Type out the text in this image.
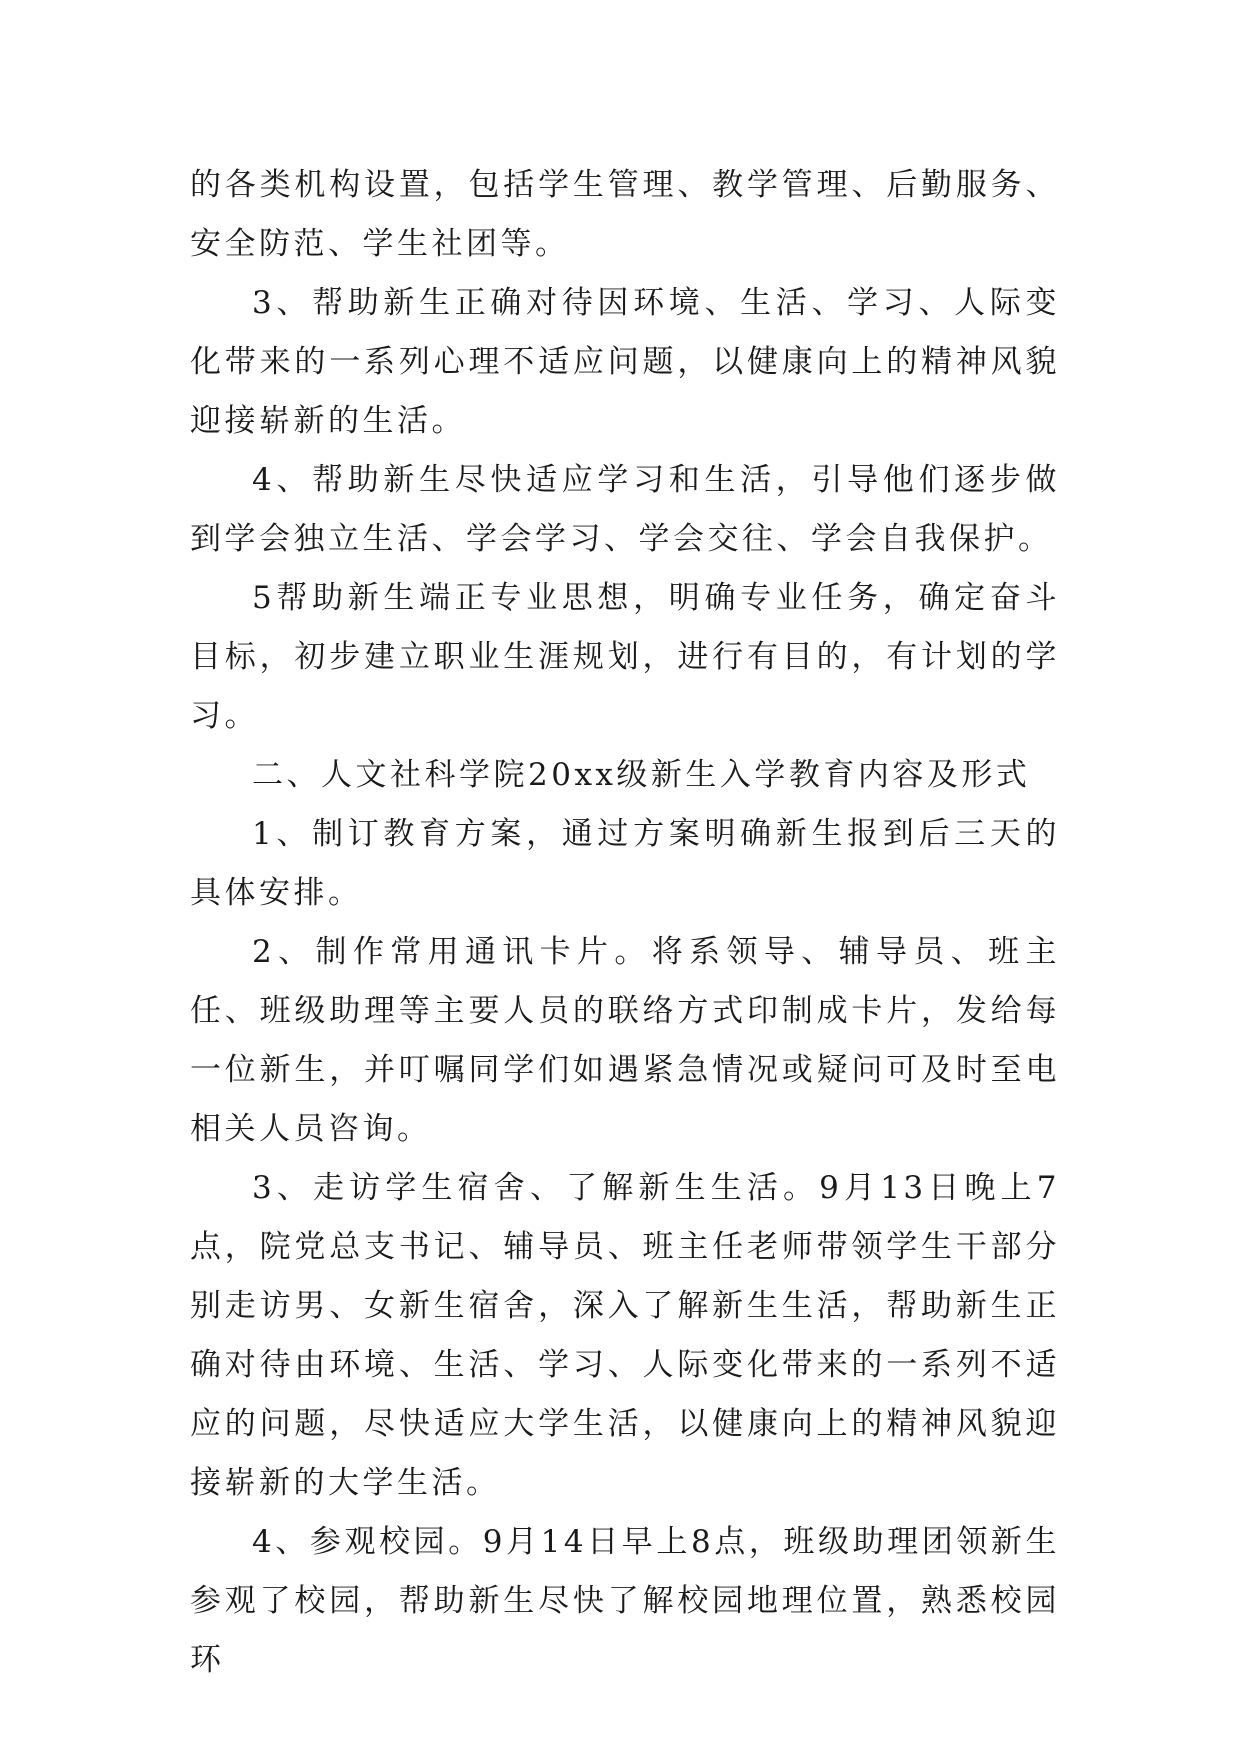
的各类机构设置，包括学生管理、教学管理、后勤服务、安全防范、学生社团等。

3、帮助新生正确对待因环境、生活、学习、人际变化带来的一系列心理不适应问题，以健康向上的精神风貌迎接崭新的生活。

4、帮助新生尽快适应学习和生活，引导他们逐步做到学会独立生活、学会学习、学会交往、学会自我保护。

5帮助新生端正专业思想，明确专业任务，确定奋斗目标，初步建立职业生涯规划，进行有目的，有计划的学习。

二、人文社科学院20xx级新生入学教育内容及形式

1、制订教育方案，通过方案明确新生报到后三天的具体安排。

2、制作常用通讯卡片。将系领导、辅导员、班主任、班级助理等主要人员的联络方式印制成卡片，发给每一位新生，并叮嘱同学们如遇紧急情况或疑问可及时至电相关人员咨询。

3、走访学生宿舍、了解新生生活。9月13日晚上7点，院党总支书记、辅导员、班主任老师带领学生干部分别走访男、女新生宿舍，深入了解新生生活，帮助新生正确对待由环境、生活、学习、人际变化带来的一系列不适应的问题，尽快适应大学生活，以健康向上的精神风貌迎接崭新的大学生活。

4、参观校园。9月14日早上8点，班级助理团领新生参观了校园，帮助新生尽快了解校园地理位置，熟悉校园环
